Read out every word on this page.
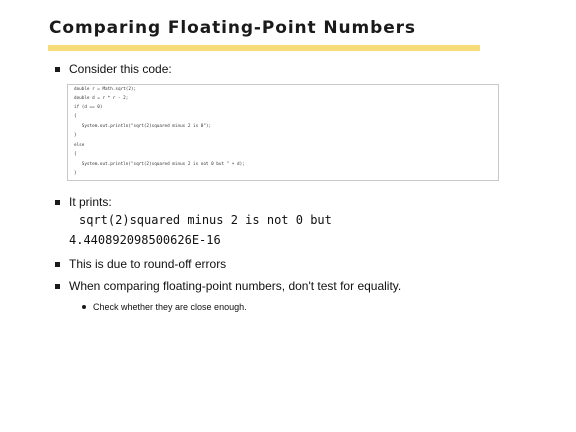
Comparing Floating-Point Numbers
Consider this code:
double r = Math.sqrt(2);
double d = r * r - 2;
if (d == 0)
{
System.out.println("sqrt(2)squared minus 2 is 0");
}
else
{
System.out.println("sqrt(2)squared minus 2 is not 0 but " + d);
}
It prints:
sqrt(2)squared minus 2 is not 0 but
4.440892098500626E-16
This is due to round-off errors
When comparing floating-point numbers, don't test for equality.
Check whether they are close enough.
